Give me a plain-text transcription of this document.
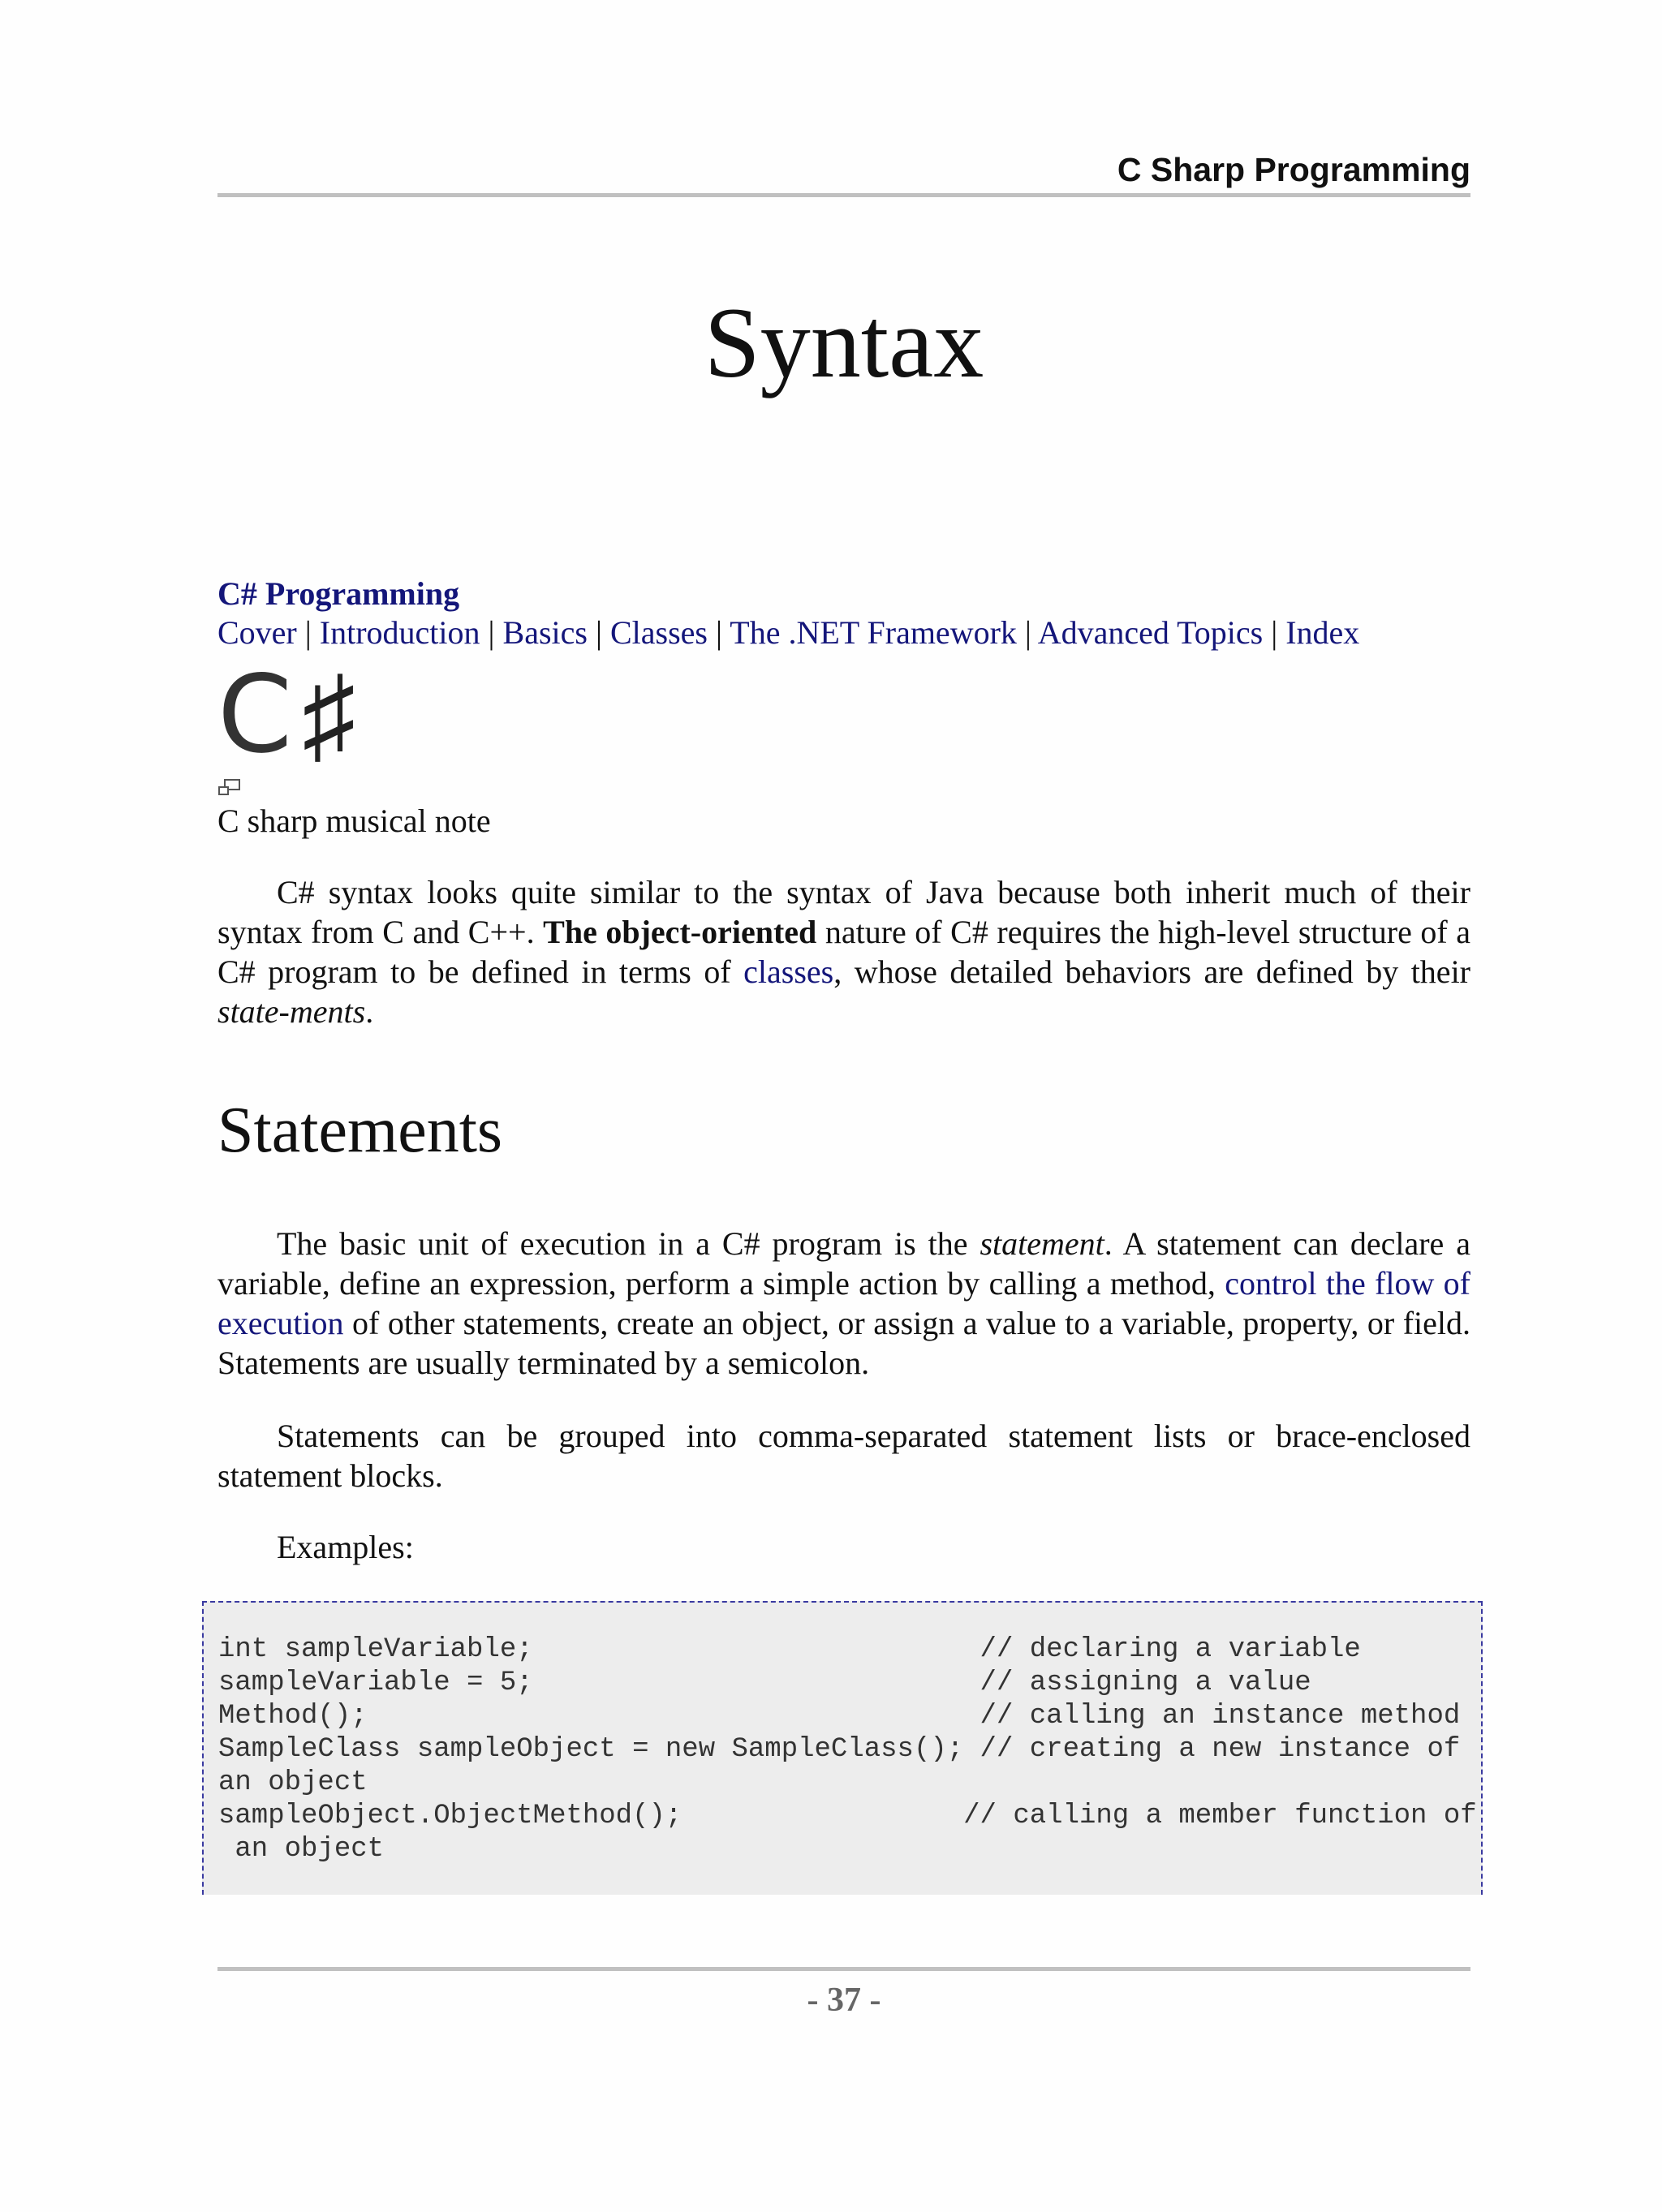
C Sharp Programming
Syntax
C# Programming
Cover | Introduction | Basics | Classes | The .NET Framework | Advanced Topics | Index
C ♯
C sharp musical note

C# syntax looks quite similar to the syntax of Java because both inherit much of their syntax from C and C++. The object-oriented nature of C# requires the high-level structure of a C# program to be defined in terms of classes, whose detailed behaviors are defined by their state-ments.

Statements

The basic unit of execution in a C# program is the statement. A statement can declare a variable, define an expression, perform a simple action by calling a method, control the flow of execution of other statements, create an object, or assign a value to a variable, property, or field. Statements are usually terminated by a semicolon.

Statements can be grouped into comma-separated statement lists or brace-enclosed statement blocks.

Examples:

int sampleVariable;                           // declaring a variable
sampleVariable = 5;                           // assigning a value
Method();                                     // calling an instance method
SampleClass sampleObject = new SampleClass(); // creating a new instance of
an object
sampleObject.ObjectMethod();                 // calling a member function of
an object
- 37 -
